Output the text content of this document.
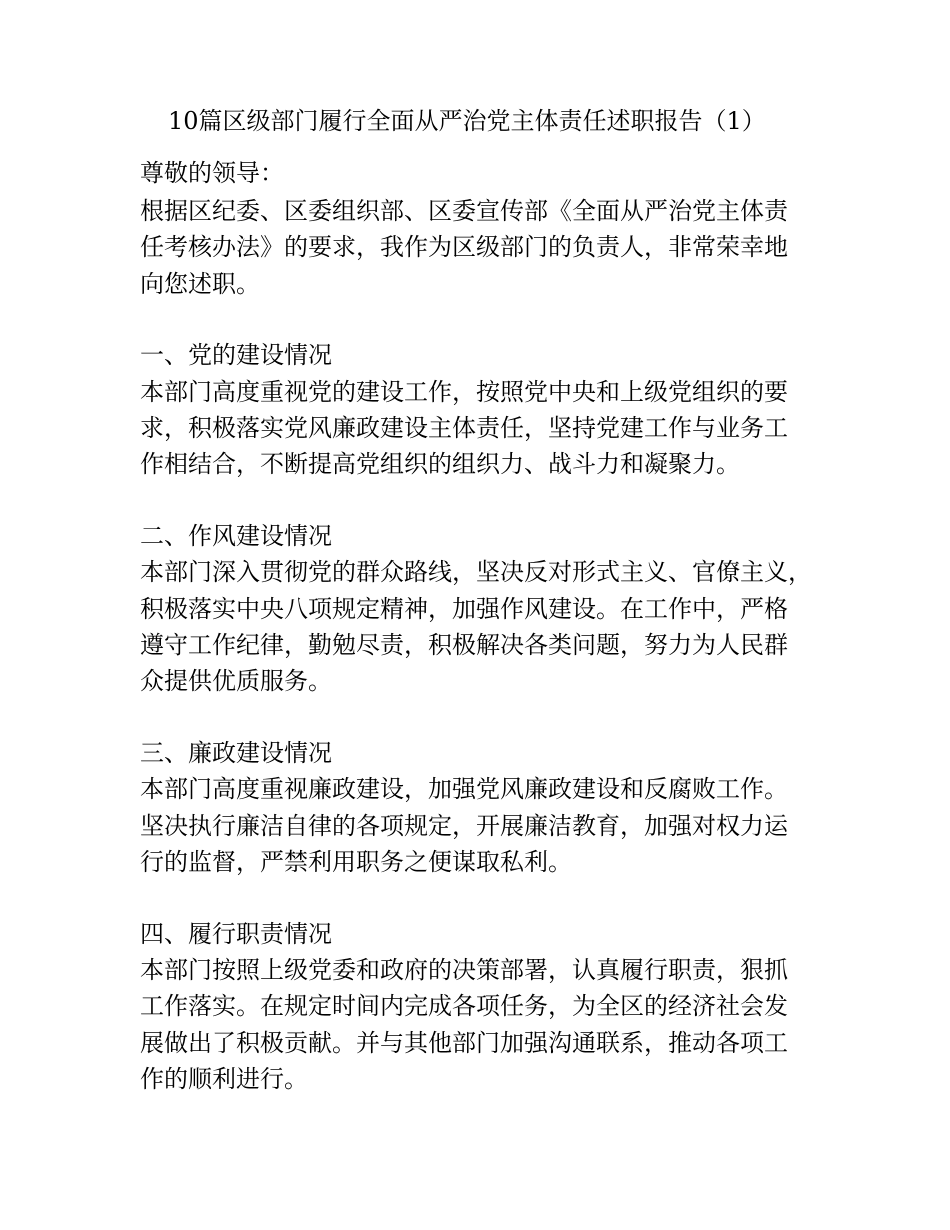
10篇区级部门履行全面从严治党主体责任述职报告（1）
尊敬的领导：
根据区纪委、区委组织部、区委宣传部《全面从严治党主体责
任考核办法》的要求，我作为区级部门的负责人，非常荣幸地
向您述职。
一、党的建设情况
本部门高度重视党的建设工作，按照党中央和上级党组织的要
求，积极落实党风廉政建设主体责任，坚持党建工作与业务工
作相结合，不断提高党组织的组织力、战斗力和凝聚力。
二、作风建设情况
本部门深入贯彻党的群众路线，坚决反对形式主义、官僚主义，
积极落实中央八项规定精神，加强作风建设。在工作中，严格
遵守工作纪律，勤勉尽责，积极解决各类问题，努力为人民群
众提供优质服务。
三、廉政建设情况
本部门高度重视廉政建设，加强党风廉政建设和反腐败工作。
坚决执行廉洁自律的各项规定，开展廉洁教育，加强对权力运
行的监督，严禁利用职务之便谋取私利。
四、履行职责情况
本部门按照上级党委和政府的决策部署，认真履行职责，狠抓
工作落实。在规定时间内完成各项任务，为全区的经济社会发
展做出了积极贡献。并与其他部门加强沟通联系，推动各项工
作的顺利进行。
